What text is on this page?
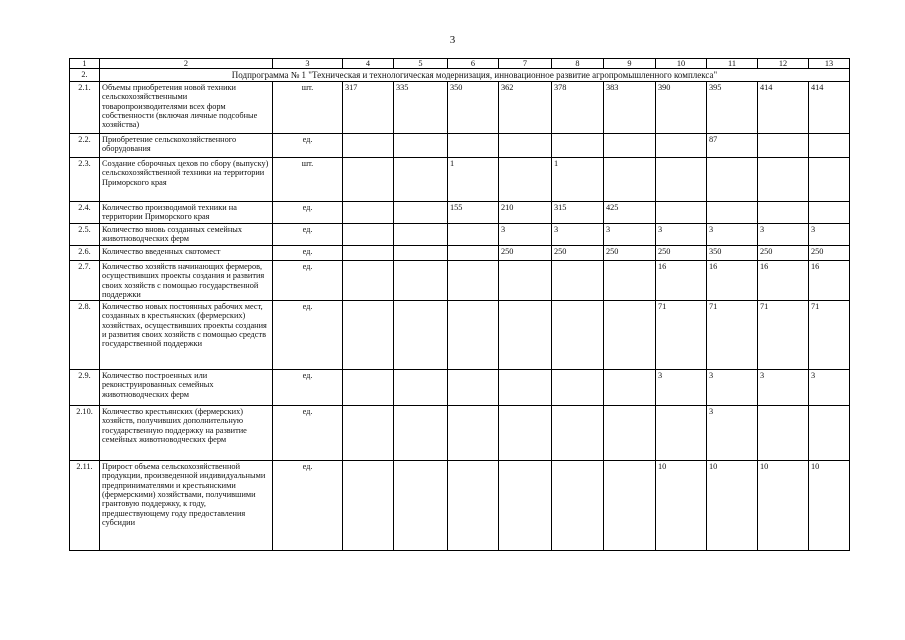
3
1	2	3	4	5	6	7	8	9	10	11	12	13
2.	Подпрограмма № 1 "Техническая и технологическая модернизация, инновационное развитие агропромышленного комплекса"											
2.1.	Объемы приобретения новой техники сельскохозяйственными товаропроизводителями всех форм собственности (включая личные подсобные хозяйства)	шт.	317	335	350	362	378	383	390	395	414	414
2.2.	Приобретение сельскохозяйственного оборудования	ед.								87		
2.3.	Создание сборочных цехов по сбору (выпуску) сельскохозяйственной техники на территории Приморского края	шт.			1		1					
2.4.	Количество производимой техники на территории Приморского края	ед.			155	210	315	425				
2.5.	Количество вновь созданных семейных животноводческих ферм	ед.				3	3	3	3	3	3	3
2.6.	Количество введенных скотомест	ед.				250	250	250	250	350	250	250
2.7.	Количество хозяйств начинающих фермеров, осуществивших проекты создания и развития своих хозяйств с помощью государственной поддержки	ед.							16	16	16	16
2.8.	Количество новых постоянных рабочих мест, созданных в крестьянских (фермерских) хозяйствах, осуществивших проекты создания и развития своих хозяйств с помощью средств государственной поддержки	ед.							71	71	71	71
2.9.	Количество построенных или реконструированных семейных животноводческих ферм	ед.							3	3	3	3
2.10.	Количество крестьянских (фермерских) хозяйств, получивших дополнительную государственную поддержку на развитие семейных животноводческих ферм	ед.								3		
2.11.	Прирост объема сельскохозяйственной продукции, произведенной индивидуальными предпринимателями и крестьянскими (фермерскими) хозяйствами, получившими грантовую поддержку, к году, предшествующему году предоставления субсидии	ед.							10	10	10	10
